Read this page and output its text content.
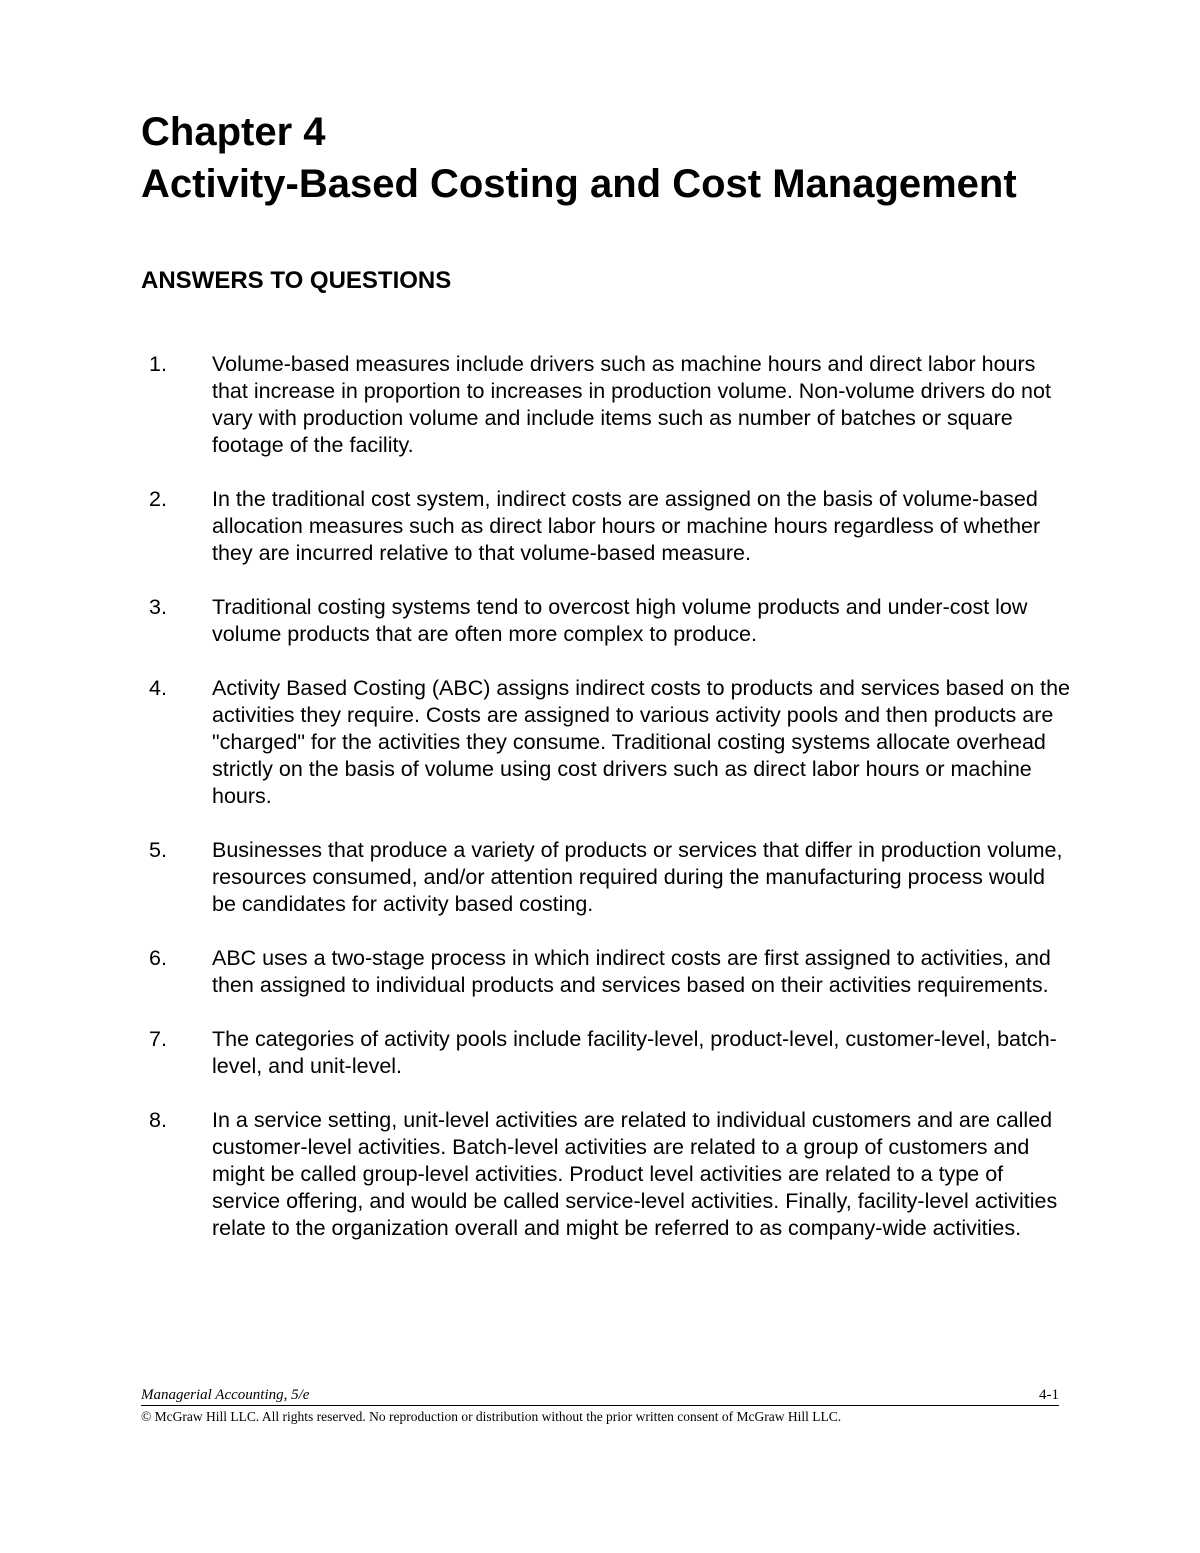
Chapter 4
Activity-Based Costing and Cost Management
ANSWERS TO QUESTIONS
1. Volume-based measures include drivers such as machine hours and direct labor hours that increase in proportion to increases in production volume. Non-volume drivers do not vary with production volume and include items such as number of batches or square footage of the facility.
2. In the traditional cost system, indirect costs are assigned on the basis of volume-based allocation measures such as direct labor hours or machine hours regardless of whether they are incurred relative to that volume-based measure.
3. Traditional costing systems tend to overcost high volume products and under-cost low volume products that are often more complex to produce.
4. Activity Based Costing (ABC) assigns indirect costs to products and services based on the activities they require. Costs are assigned to various activity pools and then products are "charged" for the activities they consume. Traditional costing systems allocate overhead strictly on the basis of volume using cost drivers such as direct labor hours or machine hours.
5. Businesses that produce a variety of products or services that differ in production volume, resources consumed, and/or attention required during the manufacturing process would be candidates for activity based costing.
6. ABC uses a two-stage process in which indirect costs are first assigned to activities, and then assigned to individual products and services based on their activities requirements.
7. The categories of activity pools include facility-level, product-level, customer-level, batch-level, and unit-level.
8. In a service setting, unit-level activities are related to individual customers and are called customer-level activities. Batch-level activities are related to a group of customers and might be called group-level activities. Product level activities are related to a type of service offering, and would be called service-level activities. Finally, facility-level activities relate to the organization overall and might be referred to as company-wide activities.
Managerial Accounting, 5/e	4-1
© McGraw Hill LLC. All rights reserved. No reproduction or distribution without the prior written consent of McGraw Hill LLC.
